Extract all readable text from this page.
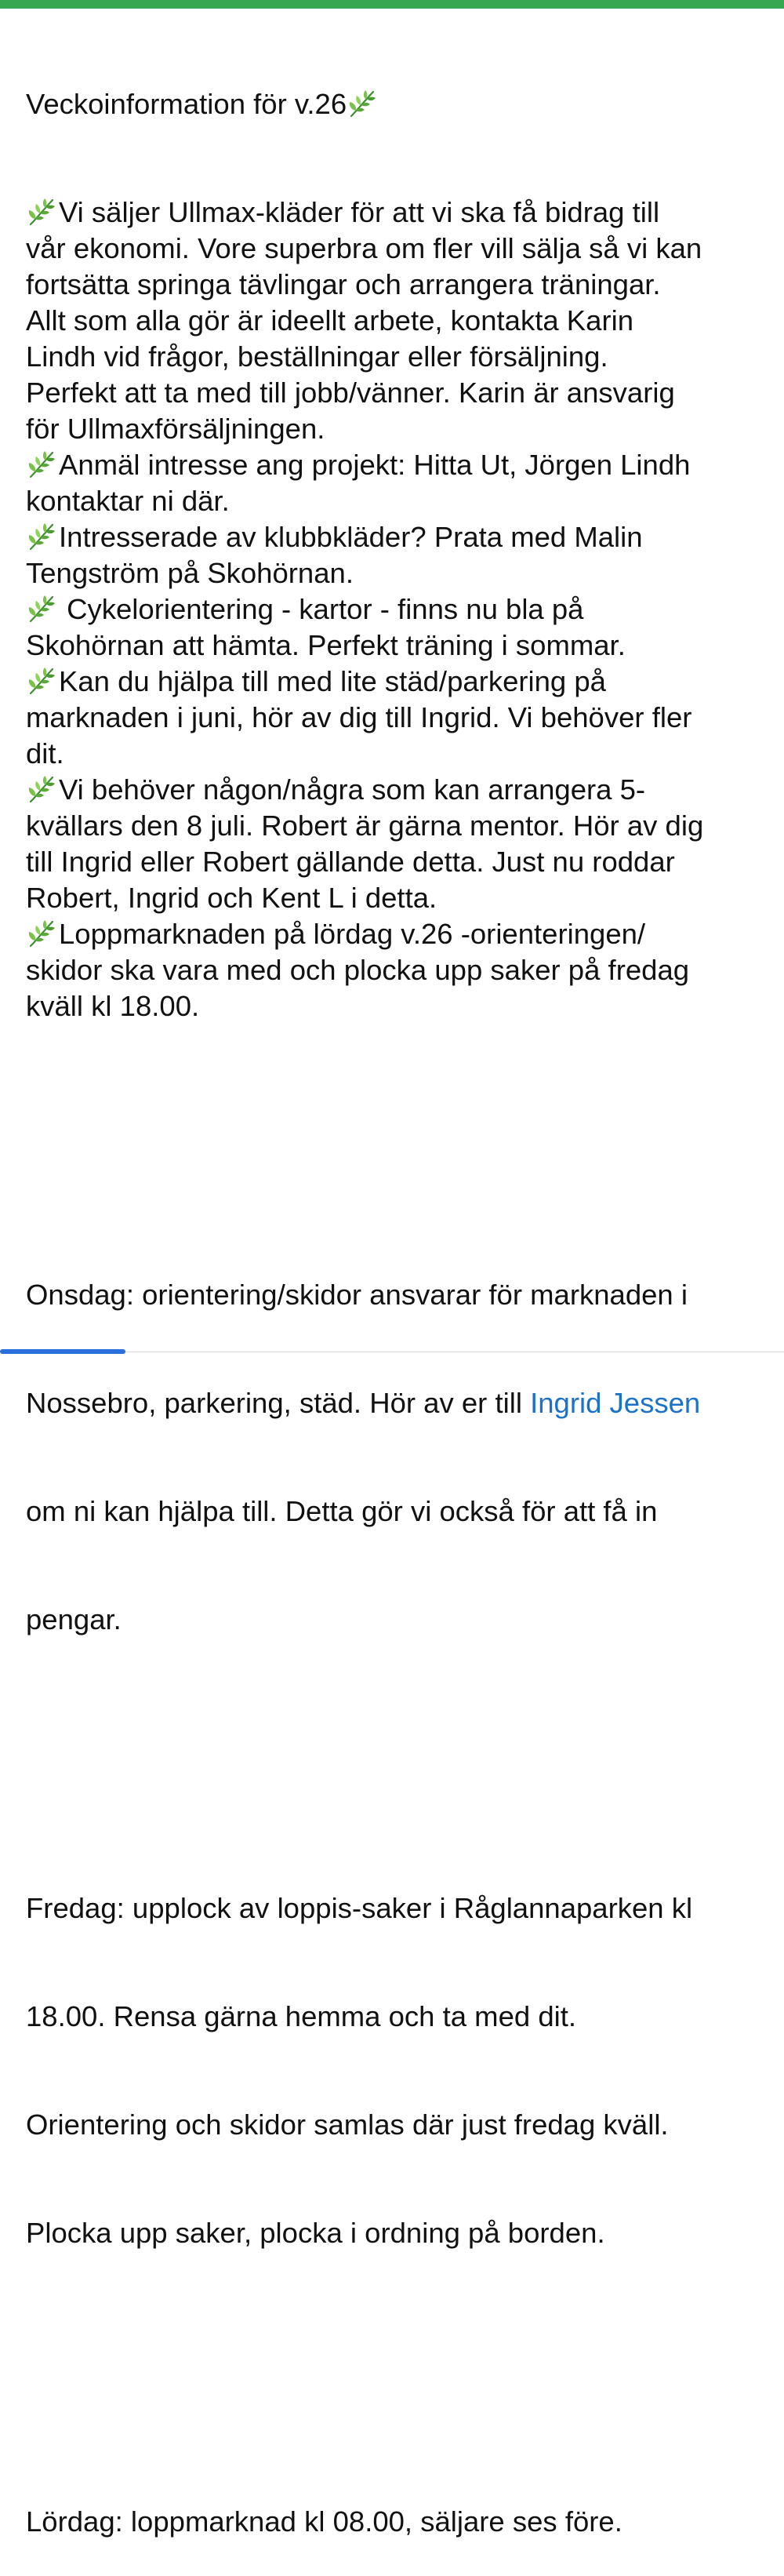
Veckoinformation för v.26

Vi säljer Ullmax-kläder för att vi ska få bidrag till
vår ekonomi. Vore superbra om fler vill sälja så vi kan
fortsätta springa tävlingar och arrangera träningar.
Allt som alla gör är ideellt arbete, kontakta Karin
Lindh vid frågor, beställningar eller försäljning.
Perfekt att ta med till jobb/vänner. Karin är ansvarig
för Ullmaxförsäljningen.
Anmäl intresse ang projekt: Hitta Ut, Jörgen Lindh
kontaktar ni där.
Intresserade av klubbkläder? Prata med Malin
Tengström på Skohörnan.
Cykelorientering - kartor - finns nu bla på
Skohörnan att hämta. Perfekt träning i sommar.
Kan du hjälpa till med lite städ/parkering på
marknaden i juni, hör av dig till Ingrid. Vi behöver fler
dit.
Vi behöver någon/några som kan arrangera 5-
kvällars den 8 juli. Robert är gärna mentor. Hör av dig
till Ingrid eller Robert gällande detta. Just nu roddar
Robert, Ingrid och Kent L i detta.
Loppmarknaden på lördag v.26 -orienteringen/
skidor ska vara med och plocka upp saker på fredag
kväll kl 18.00.

Onsdag: orientering/skidor ansvarar för marknaden i

Nossebro, parkering, städ. Hör av er till Ingrid Jessen

om ni kan hjälpa till. Detta gör vi också för att få in

pengar.

Fredag: upplock av loppis-saker i Råglannaparken kl

18.00. Rensa gärna hemma och ta med dit.

Orientering och skidor samlas där just fredag kväll.

Plocka upp saker, plocka i ordning på borden.

Lördag: loppmarknad kl 08.00, säljare ses före.
